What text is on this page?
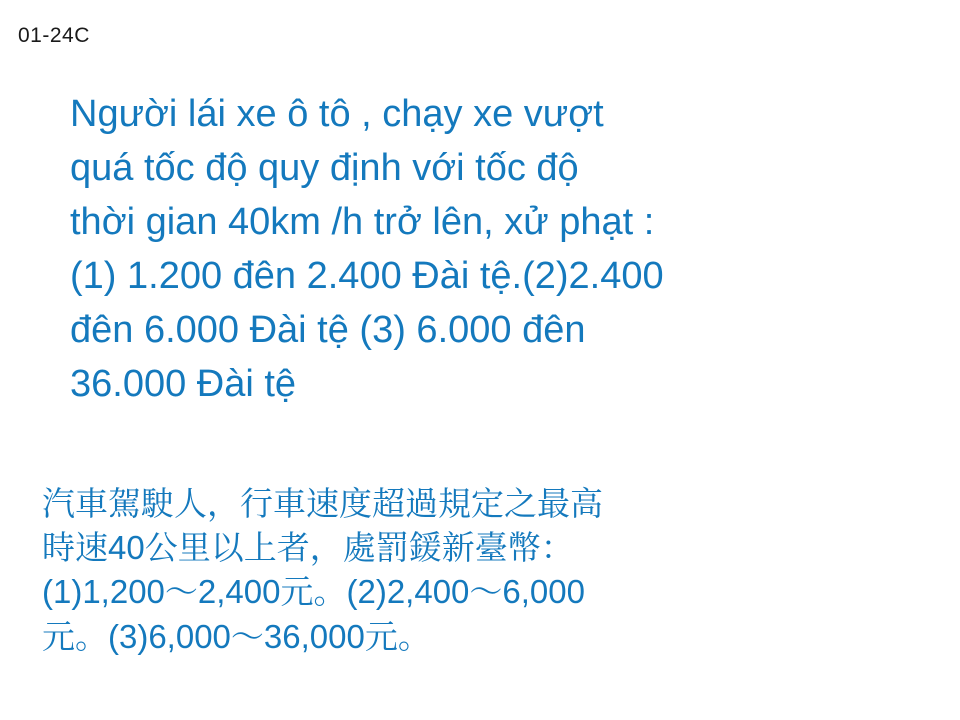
01-24C
Người lái xe ô tô , chạy xe vượt
quá tốc độ quy định với tốc độ
thời gian 40km /h trở lên, xử phạt :
(1) 1.200 đên 2.400 Đài tệ.(2)2.400
đên 6.000 Đài tệ (3) 6.000 đên
36.000 Đài tệ
汽車駕駛人，行車速度超過規定之最高
時速40公里以上者，處罰鍰新臺幣：
(1)1,200～2,400元。(2)2,400～6,000
元。(3)6,000～36,000元。
